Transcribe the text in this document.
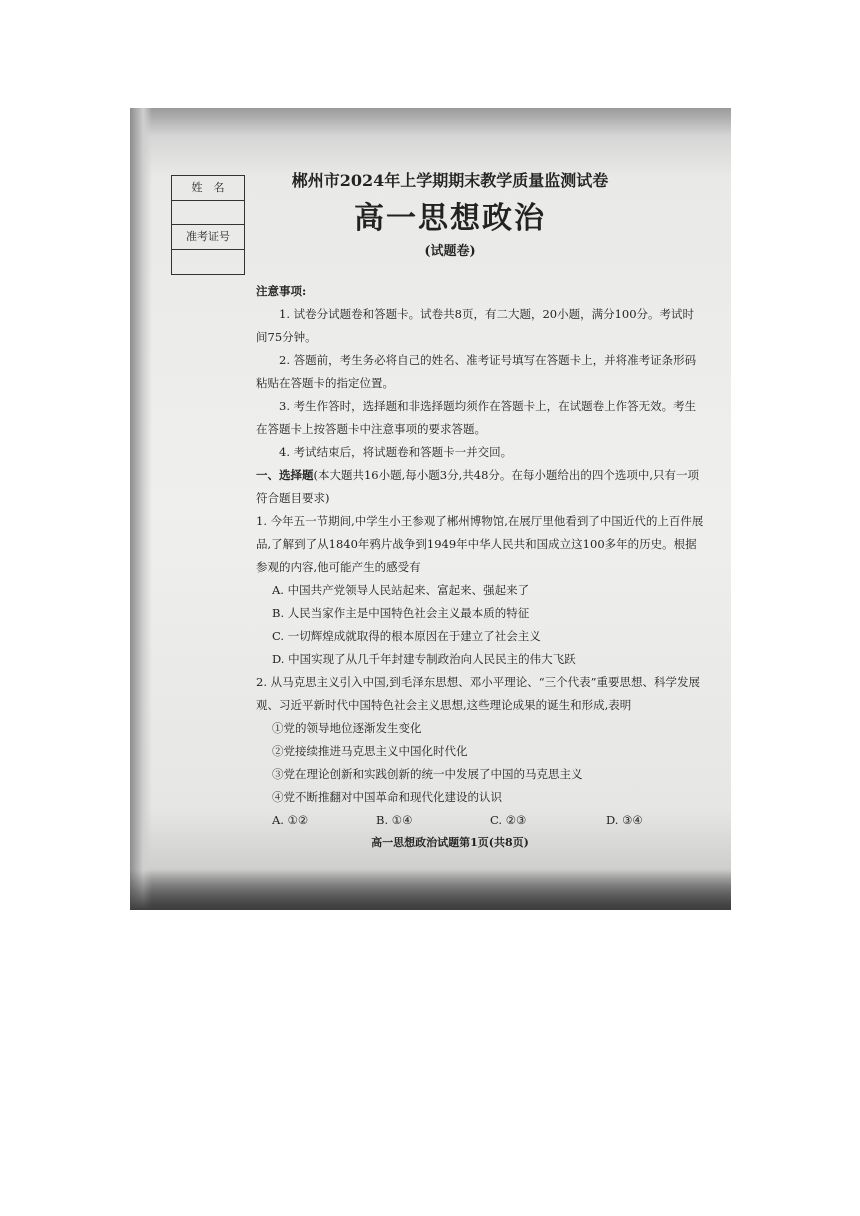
姓　名
准考证号
郴州市2024年上学期期末教学质量监测试卷
高一思想政治
(试题卷)

注意事项:

1. 试卷分试题卷和答题卡。试卷共8页，有二大题，20小题，满分100分。考试时间75分钟。

2. 答题前，考生务必将自己的姓名、准考证号填写在答题卡上，并将准考证条形码粘贴在答题卡的指定位置。

3. 考生作答时，选择题和非选择题均须作在答题卡上，在试题卷上作答无效。考生在答题卡上按答题卡中注意事项的要求答题。

4. 考试结束后，将试题卷和答题卡一并交回。

一、选择题(本大题共16小题,每小题3分,共48分。在每小题给出的四个选项中,只有一项符合题目要求)

1. 今年五一节期间,中学生小王参观了郴州博物馆,在展厅里他看到了中国近代的上百件展品,了解到了从1840年鸦片战争到1949年中华人民共和国成立这100多年的历史。根据参观的内容,他可能产生的感受有

A. 中国共产党领导人民站起来、富起来、强起来了

B. 人民当家作主是中国特色社会主义最本质的特征

C. 一切辉煌成就取得的根本原因在于建立了社会主义

D. 中国实现了从几千年封建专制政治向人民民主的伟大飞跃

2. 从马克思主义引入中国,到毛泽东思想、邓小平理论、“三个代表”重要思想、科学发展观、习近平新时代中国特色社会主义思想,这些理论成果的诞生和形成,表明

①党的领导地位逐渐发生变化

②党接续推进马克思主义中国化时代化

③党在理论创新和实践创新的统一中发展了中国的马克思主义

④党不断推翻对中国革命和现代化建设的认识

A. ①②	B. ①④	C. ②③	D. ③④
高一思想政治试题第1页(共8页)
